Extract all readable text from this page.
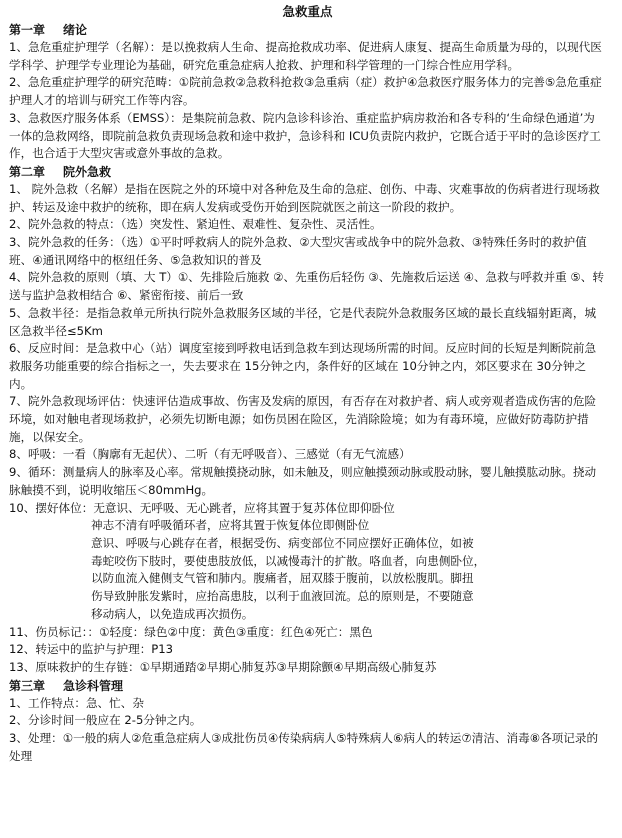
急救重点
第一章 绪论

1、急危重症护理学（名解）：是以挽救病人生命、提高抢救成功率、促进病人康复、提高生命质量为母的，以现代医学科学、护理学专业理论为基础，研究危重急症病人抢救、护理和科学管理的一门综合性应用学科。

2、急危重症护理学的研究范畴：①院前急救②急救科抢救③急重病（症）救护④急救医疗服务体力的完善⑤急危重症护理人才的培训与研究工作等内容。

3、急救医疗服务体系（EMSS）：是集院前急救、院内急诊科诊治、重症监护病房救治和各专科的‘生命绿色通道’为一体的急救网络，即院前急救负责现场急救和途中救护，急诊科和 ICU负责院内救护，它既合适于平时的急诊医疗工作，也合适于大型灾害或意外事故的急救。

第二章 院外急救

1、 院外急救（名解）是指在医院之外的环境中对各种危及生命的急症、创伤、中毒、灾难事故的伤病者进行现场救护、转运及途中救护的统称，即在病人发病或受伤开始到医院就医之前这一阶段的救护。

2、院外急救的特点：（选）突发性、紧迫性、艰难性、复杂性、灵活性。

3、院外急救的任务：（选）①平时呼救病人的院外急救、②大型灾害或战争中的院外急救、③特殊任务时的救护值班、④通讯网络中的枢纽任务、⑤急救知识的普及

4、院外急救的原则（填、大 T）①、先排险后施救 ②、先重伤后轻伤 ③、先施救后运送 ④、急救与呼救并重 ⑤、转送与监护急救相结合 ⑥、紧密衔接、前后一致

5、急救半径：是指急救单元所执行院外急救服务区域的半径，它是代表院外急救服务区域的最长直线辐射距离，城区急救半径≤5Km

6、反应时间：是急救中心（站）调度室接到呼救电话到急救车到达现场所需的时间。反应时间的长短是判断院前急救服务功能重要的综合指标之一，失去要求在 15分钟之内，条件好的区域在 10分钟之内，郊区要求在 30分钟之内。

7、院外急救现场评估：快速评估造成事故、伤害及发病的原因，有否存在对救护者、病人或旁观者造成伤害的危险环境，如对触电者现场救护，必须先切断电源；如伤员困在险区，先消除险境；如为有毒环境，应做好防毒防护措施，以保安全。

8、呼吸：一看（胸廓有无起伏）、二听（有无呼吸音）、三感觉（有无气流感）

9、循环：测量病人的脉率及心率。常规触摸挠动脉，如未触及，则应触摸颈动脉或股动脉，婴儿触摸肱动脉。挠动脉触摸不到，说明收缩压＜80mmHg。

10、摆好体位：无意识、无呼吸、无心跳者，应将其置于复苏体位即仰卧位

神志不清有呼吸循环者，应将其置于恢复体位即侧卧位

意识、呼吸与心跳存在者，根据受伤、病变部位不同应摆好正确体位，如被

毒蛇咬伤下肢时，要使患肢放低，以减慢毒汁的扩散。咯血者，向患侧卧位，

以防血流入健侧支气管和肺内。腹痛者，屈双膝于腹前，以放松腹肌。脚扭

伤导致肿胀发紫时，应抬高患肢，以利于血液回流。总的原则是，不要随意

移动病人，以免造成再次损伤。

11、伤员标记：：①轻度：绿色②中度：黄色③重度：红色④死亡：黑色

12、转运中的监护与护理：P13

13、原味救护的生存链：①早期通踏②早期心肺复苏③早期除颤④早期高级心肺复苏

第三章 急诊科管理

1、工作特点：急、忙、杂

2、分诊时间一般应在 2-5分钟之内。

3、处理：①一般的病人②危重急症病人③成批伤员④传染病病人⑤特殊病人⑥病人的转运⑦清洁、消毒⑧各项记录的处理
